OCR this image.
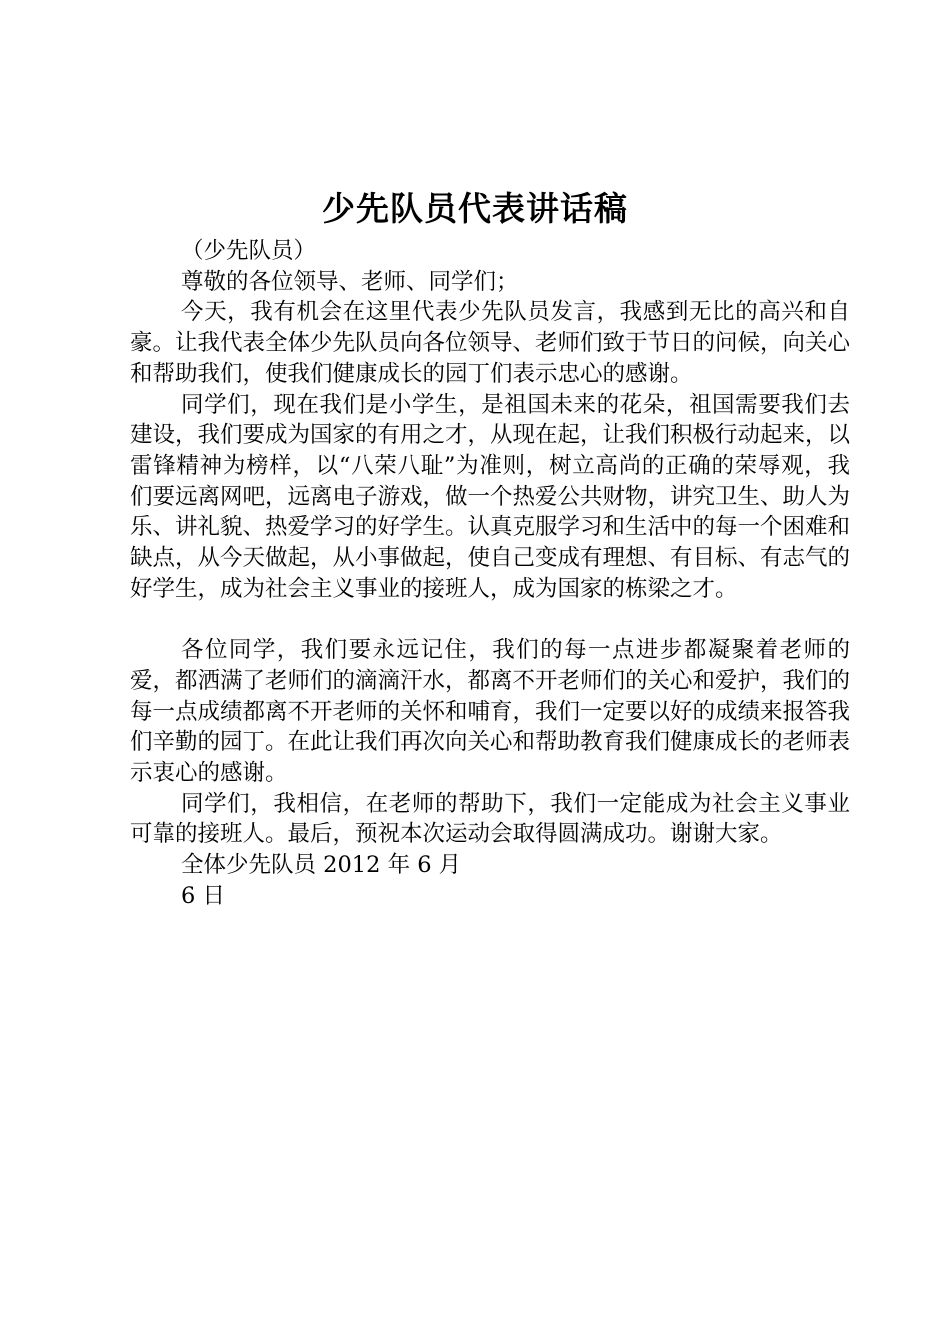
少先队员代表讲话稿

（少先队员）

尊敬的各位领导、老师、同学们；

今天，我有机会在这里代表少先队员发言，我感到无比的高兴和自豪。让我代表全体少先队员向各位领导、老师们致于节日的问候，向关心和帮助我们，使我们健康成长的园丁们表示忠心的感谢。

同学们，现在我们是小学生，是祖国未来的花朵，祖国需要我们去建设，我们要成为国家的有用之才，从现在起，让我们积极行动起来，以雷锋精神为榜样，以“八荣八耻”为准则，树立高尚的正确的荣辱观，我们要远离网吧，远离电子游戏，做一个热爱公共财物，讲究卫生、助人为乐、讲礼貌、热爱学习的好学生。认真克服学习和生活中的每一个困难和缺点，从今天做起，从小事做起，使自己变成有理想、有目标、有志气的好学生，成为社会主义事业的接班人，成为国家的栋梁之才。

各位同学，我们要永远记住，我们的每一点进步都凝聚着老师的爱，都洒满了老师们的滴滴汗水，都离不开老师们的关心和爱护，我们的每一点成绩都离不开老师的关怀和哺育，我们一定要以好的成绩来报答我们辛勤的园丁。在此让我们再次向关心和帮助教育我们健康成长的老师表示衷心的感谢。

同学们，我相信，在老师的帮助下，我们一定能成为社会主义事业可靠的接班人。最后，预祝本次运动会取得圆满成功。谢谢大家。

全体少先队员 2012 年 6 月

6 日
